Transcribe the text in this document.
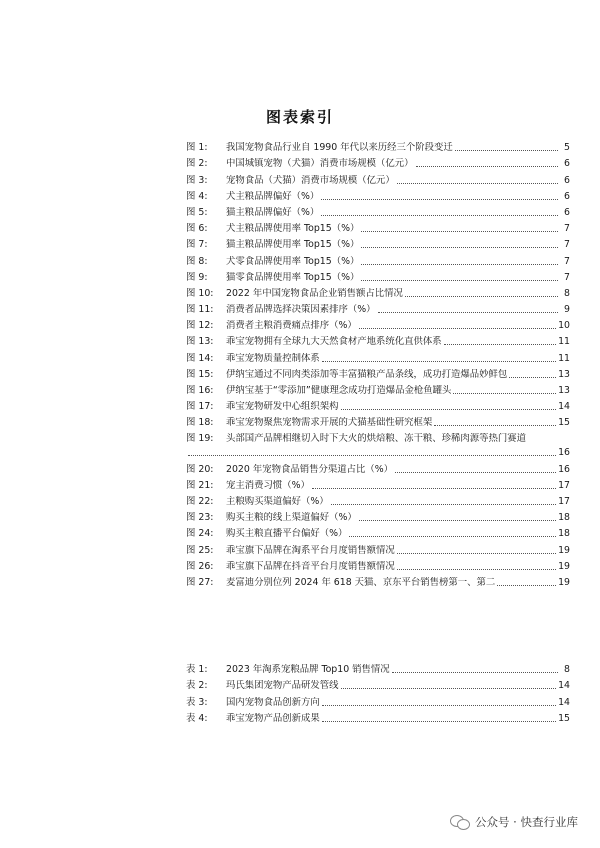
图表索引
图 1:	我国宠物食品行业自 1990 年代以来历经三个阶段变迁	5
图 2:	中国城镇宠物（犬猫）消费市场规模（亿元）	6
图 3:	宠物食品（犬猫）消费市场规模（亿元）	6
图 4:	犬主粮品牌偏好（%）	6
图 5:	猫主粮品牌偏好（%）	6
图 6:	犬主粮品牌使用率 Top15（%）	7
图 7:	猫主粮品牌使用率 Top15（%）	7
图 8:	犬零食品牌使用率 Top15（%）	7
图 9:	猫零食品牌使用率 Top15（%）	7
图 10:	2022 年中国宠物食品企业销售额占比情况	8
图 11:	消费者品牌选择决策因素排序（%）	9
图 12:	消费者主粮消费痛点排序（%）	10
图 13:	乖宝宠物拥有全球九大天然食材产地系统化直供体系	11
图 14:	乖宝宠物质量控制体系	11
图 15:	伊纳宝通过不同肉类添加等丰富猫粮产品条线，成功打造爆品妙鲜包	13
图 16:	伊纳宝基于“零添加”健康理念成功打造爆品金枪鱼罐头	13
图 17:	乖宝宠物研发中心组织架构	14
图 18:	乖宝宠物聚焦宠物需求开展的犬猫基础性研究框架	15
图 19:	头部国产品牌相继切入时下大火的烘焙粮、冻干粮、珍稀肉源等热门赛道
16
图 20:	2020 年宠物食品销售分渠道占比（%）	16
图 21:	宠主消费习惯（%）	17
图 22:	主粮购买渠道偏好（%）	17
图 23:	购买主粮的线上渠道偏好（%）	18
图 24:	购买主粮直播平台偏好（%）	18
图 25:	乖宝旗下品牌在淘系平台月度销售额情况	19
图 26:	乖宝旗下品牌在抖音平台月度销售额情况	19
图 27:	麦富迪分别位列 2024 年 618 天猫、京东平台销售榜第一、第二	19
表 1:	2023 年淘系宠粮品牌 Top10 销售情况	8
表 2:	玛氏集团宠物产品研发管线	14
表 3:	国内宠物食品创新方向	14
表 4:	乖宝宠物产品创新成果	15
公众号 · 快查行业库
